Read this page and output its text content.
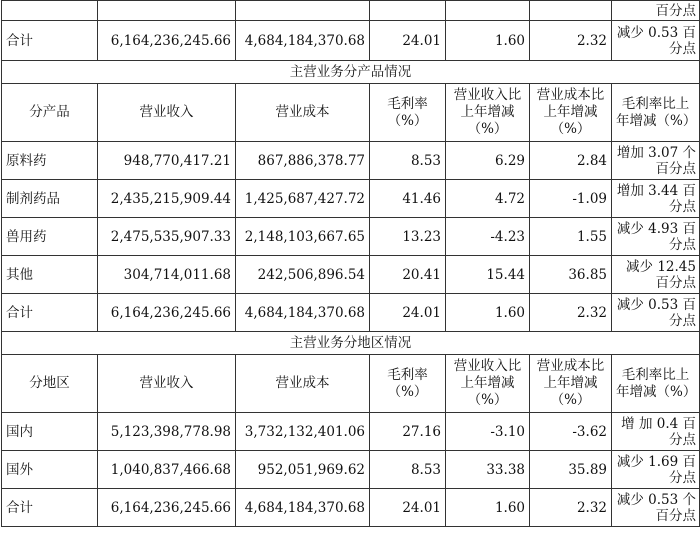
						百分点
合计	6,164,236,245.66	4,684,184,370.68	24.01	1.60	2.32	减少 0.53 百分点
主营业务分产品情况						
分产品	营业收入	营业成本	毛利率（%）	营业收入比上年增减（%）	营业成本比上年增减（%）	毛利率比上年增减（%）
原料药	948,770,417.21	867,886,378.77	8.53	6.29	2.84	增加 3.07 个百分点
制剂药品	2,435,215,909.44	1,425,687,427.72	41.46	4.72	-1.09	增加 3.44 百分点
兽用药	2,475,535,907.33	2,148,103,667.65	13.23	-4.23	1.55	减少 4.93 百分点
其他	304,714,011.68	242,506,896.54	20.41	15.44	36.85	减少 12.45 百分点
合计	6,164,236,245.66	4,684,184,370.68	24.01	1.60	2.32	减少 0.53 百分点
主营业务分地区情况						
分地区	营业收入	营业成本	毛利率（%）	营业收入比上年增减（%）	营业成本比上年增减（%）	毛利率比上年增减（%）
国内	5,123,398,778.98	3,732,132,401.06	27.16	-3.10	-3.62	增 加 0.4 百分点
国外	1,040,837,466.68	952,051,969.62	8.53	33.38	35.89	减少 1.69 百分点
合计	6,164,236,245.66	4,684,184,370.68	24.01	1.60	2.32	减少 0.53 个百分点
